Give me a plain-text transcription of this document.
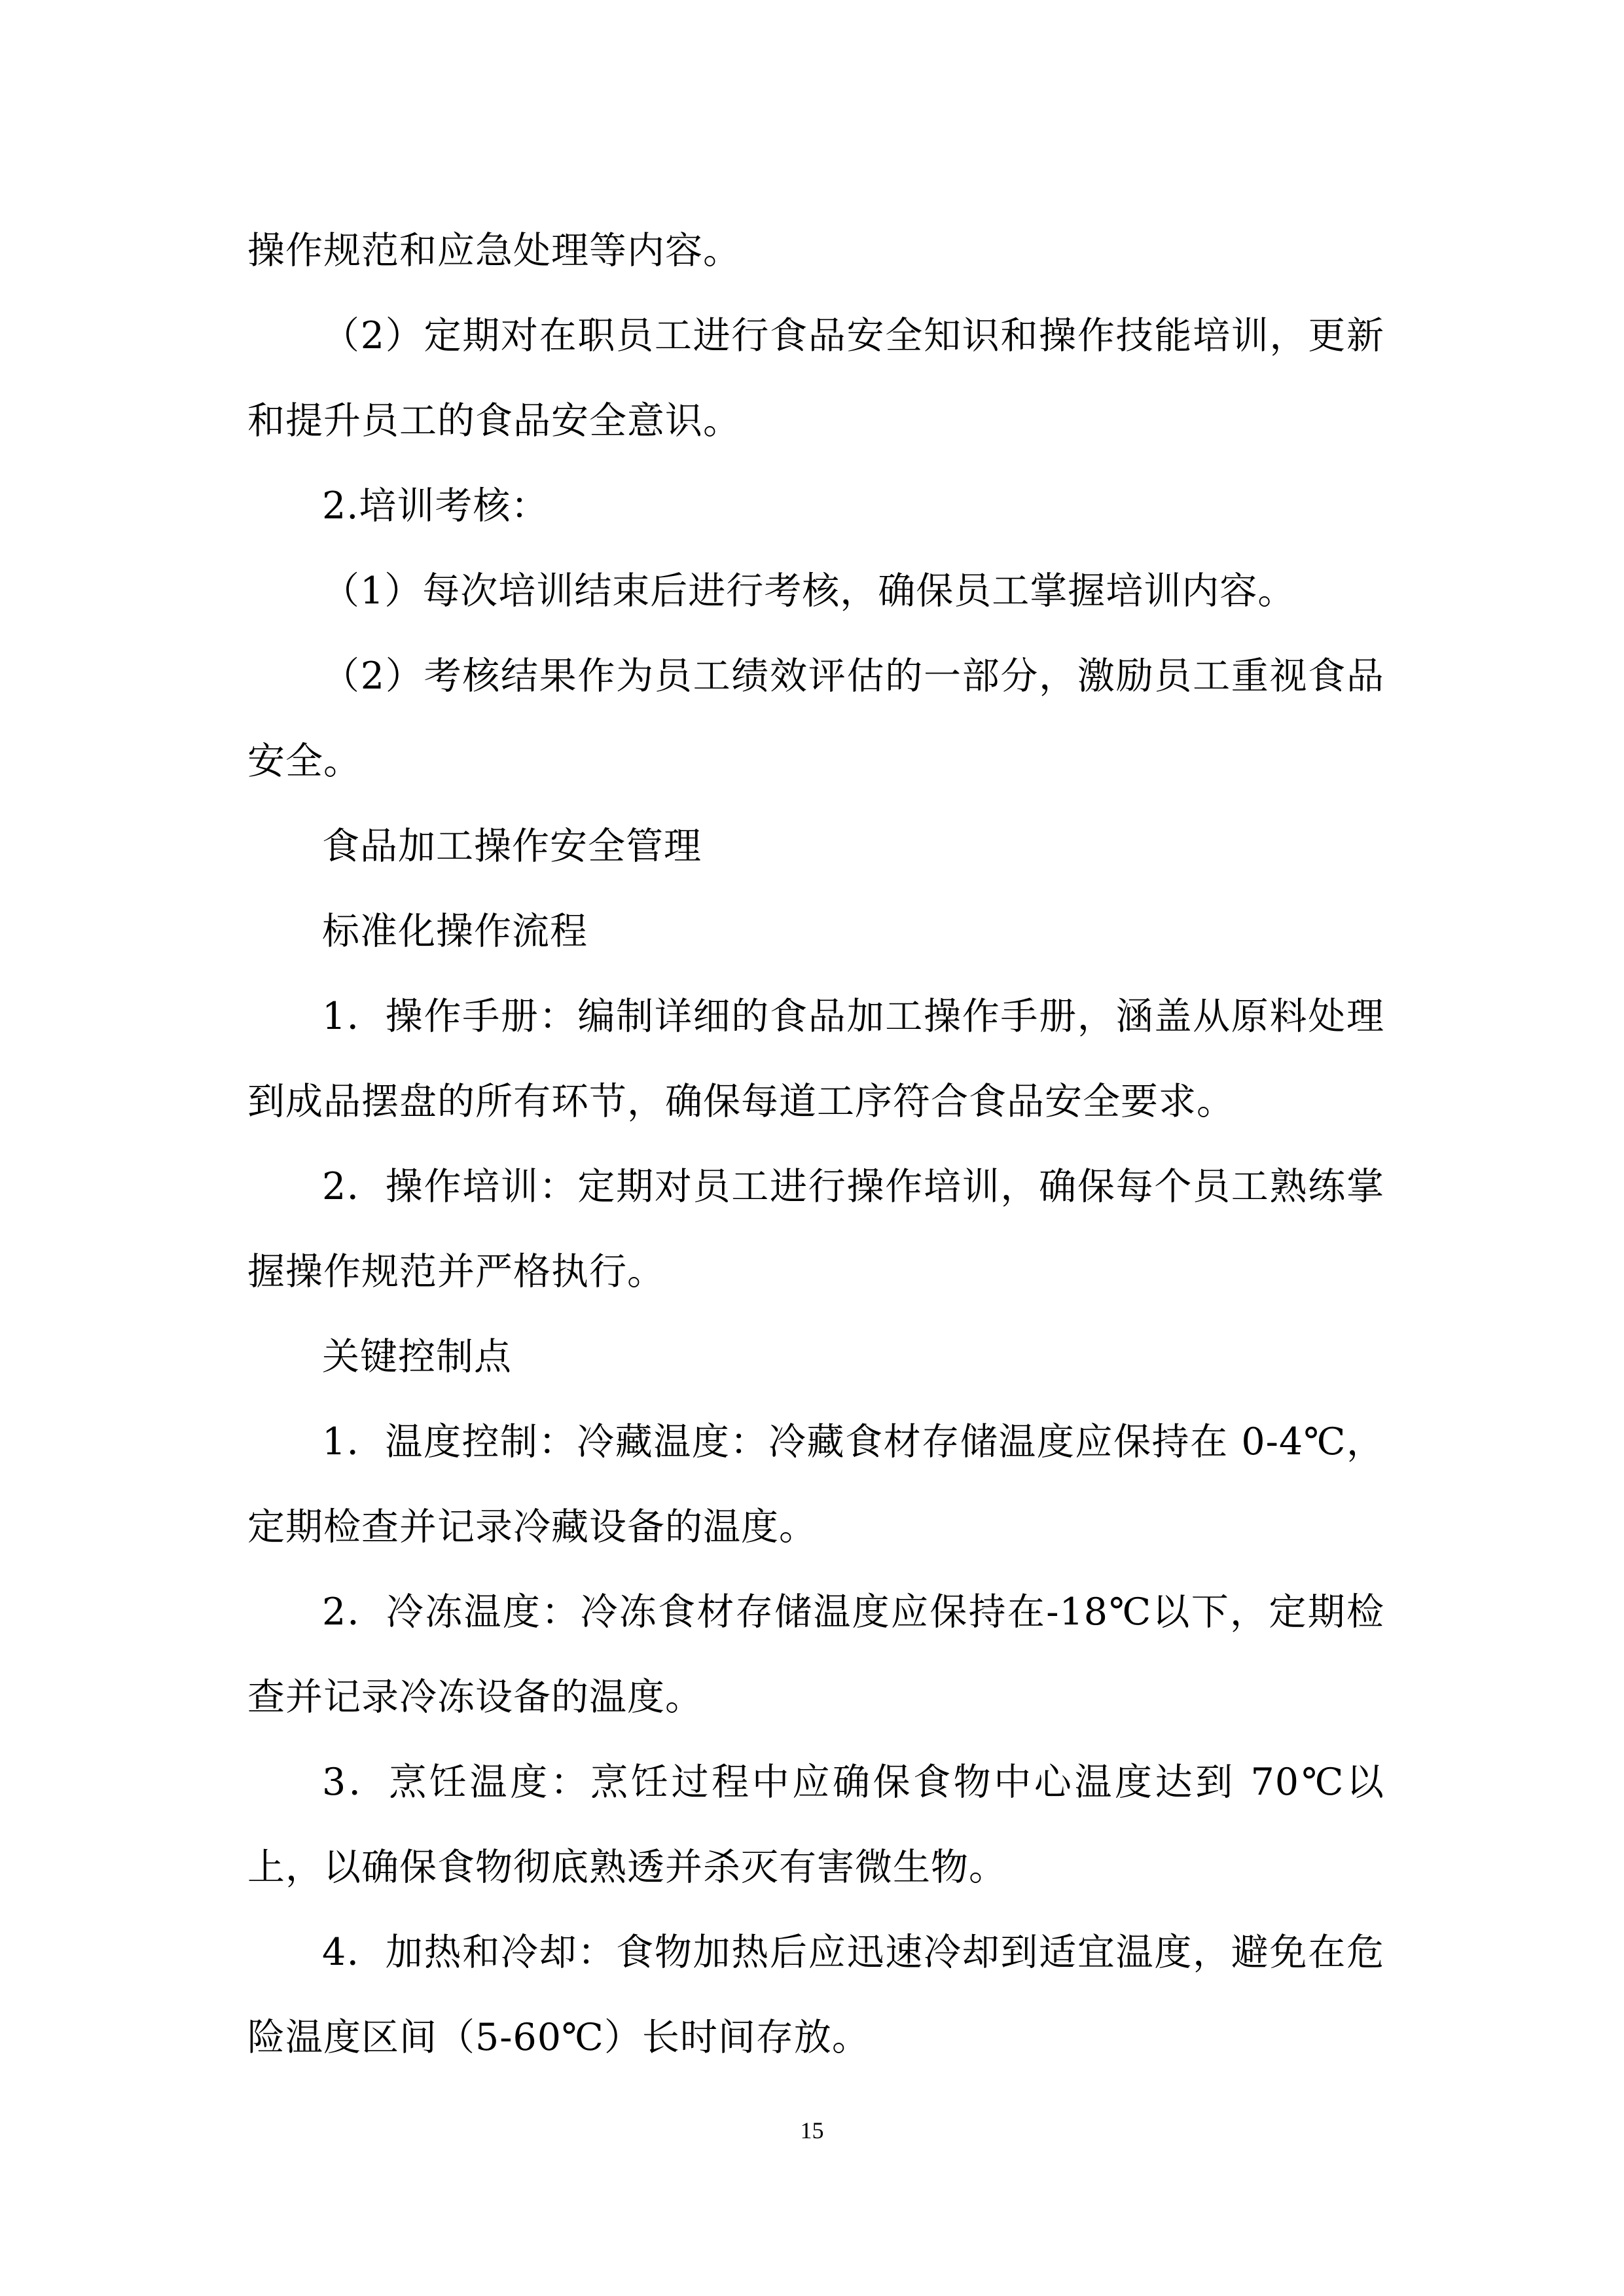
操作规范和应急处理等内容。

（2）定期对在职员工进行食品安全知识和操作技能培训，更新和提升员工的食品安全意识。

2.培训考核：

（1）每次培训结束后进行考核，确保员工掌握培训内容。

（2）考核结果作为员工绩效评估的一部分，激励员工重视食品安全。

食品加工操作安全管理

标准化操作流程

1．操作手册：编制详细的食品加工操作手册，涵盖从原料处理到成品摆盘的所有环节，确保每道工序符合食品安全要求。

2．操作培训：定期对员工进行操作培训，确保每个员工熟练掌握操作规范并严格执行。

关键控制点

1．温度控制：冷藏温度：冷藏食材存储温度应保持在 0-4℃，定期检查并记录冷藏设备的温度。

2．冷冻温度：冷冻食材存储温度应保持在-18℃以下，定期检查并记录冷冻设备的温度。

3．烹饪温度：烹饪过程中应确保食物中心温度达到 70℃以上，以确保食物彻底熟透并杀灭有害微生物。

4．加热和冷却：食物加热后应迅速冷却到适宜温度，避免在危险温度区间（5-60℃）长时间存放。

15
